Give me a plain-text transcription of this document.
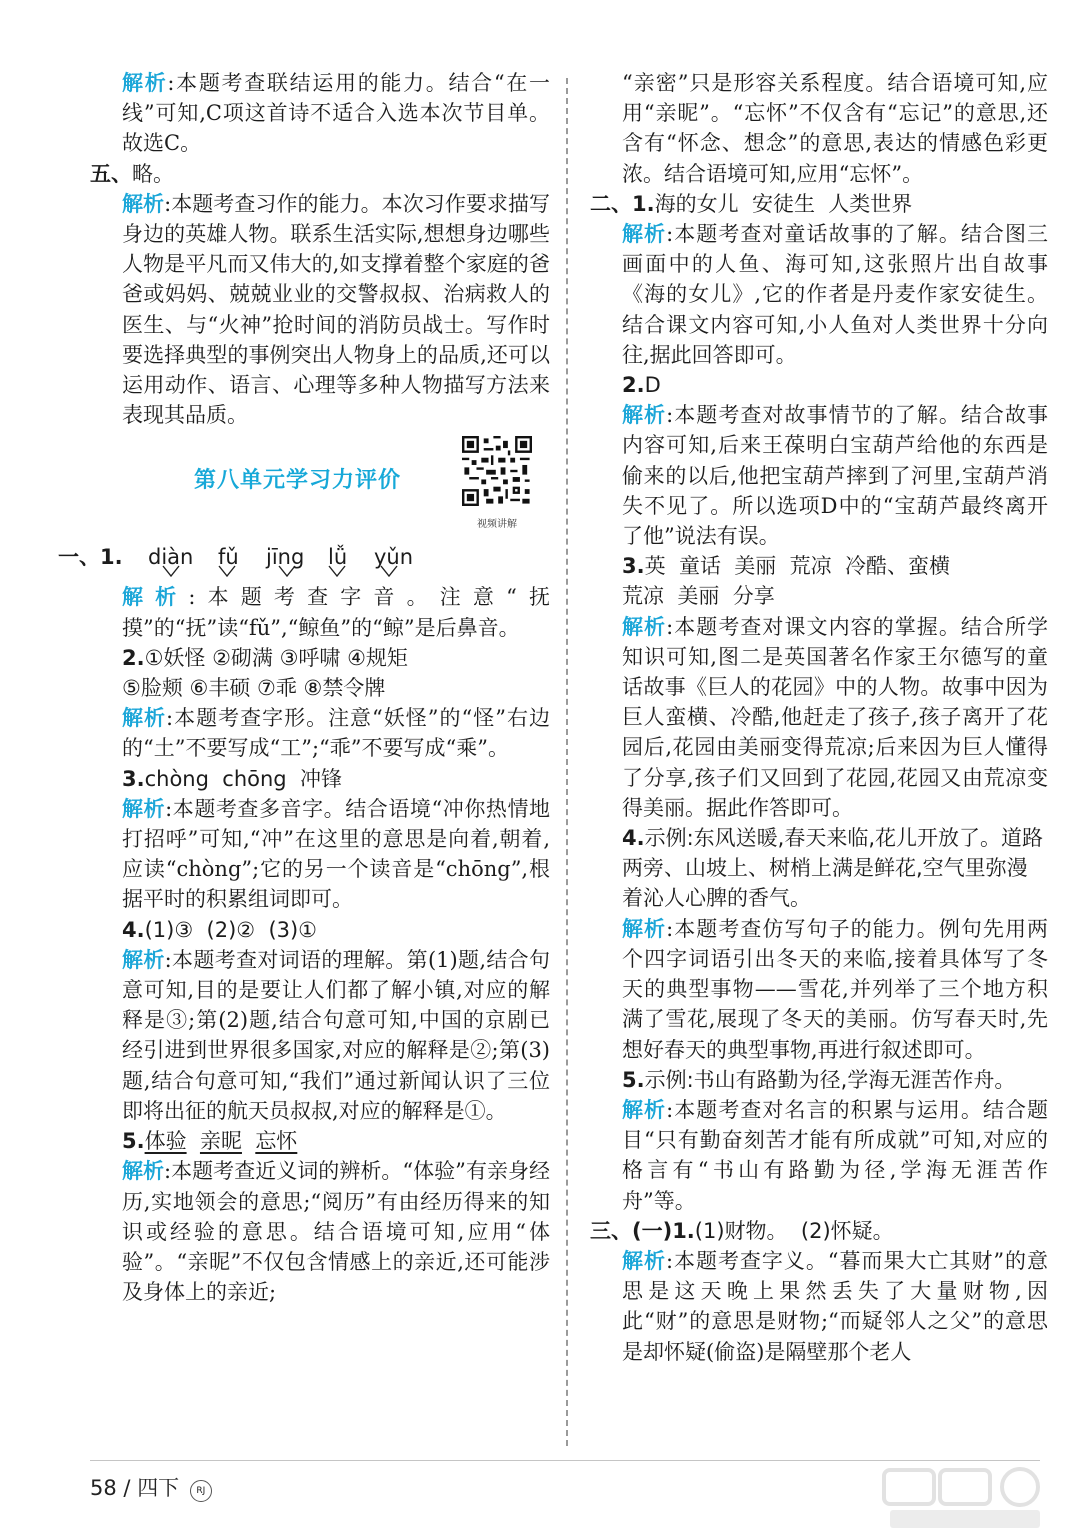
解析:本题考查联结运用的能力。结合“在一线”可知,C项这首诗不适合入选本次节目单。故选C。

五、略。

解析:本题考查习作的能力。本次习作要求描写身边的英雄人物。联系生活实际,想想身边哪些人物是平凡而又伟大的,如支撑着整个家庭的爸爸或妈妈、兢兢业业的交警叔叔、治病救人的医生、与“火神”抢时间的消防员战士。写作时要选择典型的事例突出人物身上的品质,还可以运用动作、语言、心理等多种人物描写方法来表现其品质。

第八单元学习力评价
视频讲解
一、1. diàn fǔ jīng lǚ yǔn

解析:本题考查字音。注意“抚摸”的“抚”读“fǔ”,“鲸鱼”的“鲸”是后鼻音。

2.①妖怪 ②砌满 ③呼啸 ④规矩

⑤脸颊 ⑥丰硕 ⑦乖 ⑧禁令牌

解析:本题考查字形。注意“妖怪”的“怪”右边的“土”不要写成“工”;“乖”不要写成“乘”。

3.chòng  chōng  冲锋

解析:本题考查多音字。结合语境“冲你热情地打招呼”可知,“冲”在这里的意思是向着,朝着,应读“chòng”;它的另一个读音是“chōng”,根据平时的积累组词即可。

4.(1)③  (2)②  (3)①

解析:本题考查对词语的理解。第(1)题,结合句意可知,目的是要让人们都了解小镇,对应的解释是③;第(2)题,结合句意可知,中国的京剧已经引进到世界很多国家,对应的解释是②;第(3)题,结合句意可知,“我们”通过新闻认识了三位即将出征的航天员叔叔,对应的解释是①。

5.体验 亲昵 忘怀

解析:本题考查近义词的辨析。“体验”有亲身经历,实地领会的意思;“阅历”有由经历得来的知识或经验的意思。结合语境可知,应用“体验”。“亲昵”不仅包含情感上的亲近,还可能涉及身体上的亲近;

“亲密”只是形容关系程度。结合语境可知,应用“亲昵”。“忘怀”不仅含有“忘记”的意思,还含有“怀念、想念”的意思,表达的情感色彩更浓。结合语境可知,应用“忘怀”。

二、1.海的女儿  安徒生  人类世界

解析:本题考查对童话故事的了解。结合图三画面中的人鱼、海可知,这张照片出自故事《海的女儿》,它的作者是丹麦作家安徒生。结合课文内容可知,小人鱼对人类世界十分向往,据此回答即可。

2.D

解析:本题考查对故事情节的了解。结合故事内容可知,后来王葆明白宝葫芦给他的东西是偷来的以后,他把宝葫芦摔到了河里,宝葫芦消失不见了。所以选项D中的“宝葫芦最终离开了他”说法有误。

3.英  童话  美丽  荒凉  冷酷、蛮横

荒凉  美丽  分享

解析:本题考查对课文内容的掌握。结合所学知识可知,图二是英国著名作家王尔德写的童话故事《巨人的花园》中的人物。故事中因为巨人蛮横、冷酷,他赶走了孩子,孩子离开了花园后,花园由美丽变得荒凉;后来因为巨人懂得了分享,孩子们又回到了花园,花园又由荒凉变得美丽。据此作答即可。

4.示例:东风送暖,春天来临,花儿开放了。道路两旁、山坡上、树梢上满是鲜花,空气里弥漫着沁人心脾的香气。

解析:本题考查仿写句子的能力。例句先用两个四字词语引出冬天的来临,接着具体写了冬天的典型事物——雪花,并列举了三个地方积满了雪花,展现了冬天的美丽。仿写春天时,先想好春天的典型事物,再进行叙述即可。

5.示例:书山有路勤为径,学海无涯苦作舟。

解析:本题考查对名言的积累与运用。结合题目“只有勤奋刻苦才能有所成就”可知,对应的格言有“书山有路勤为径,学海无涯苦作舟”等。

三、(一)1.(1)财物。  (2)怀疑。

解析:本题考查字义。“暮而果大亡其财”的意思是这天晚上果然丢失了大量财物,因此“财”的意思是财物;“而疑邻人之父”的意思是却怀疑(偷盗)是隔壁那个老人

58 / 四下 RJ
